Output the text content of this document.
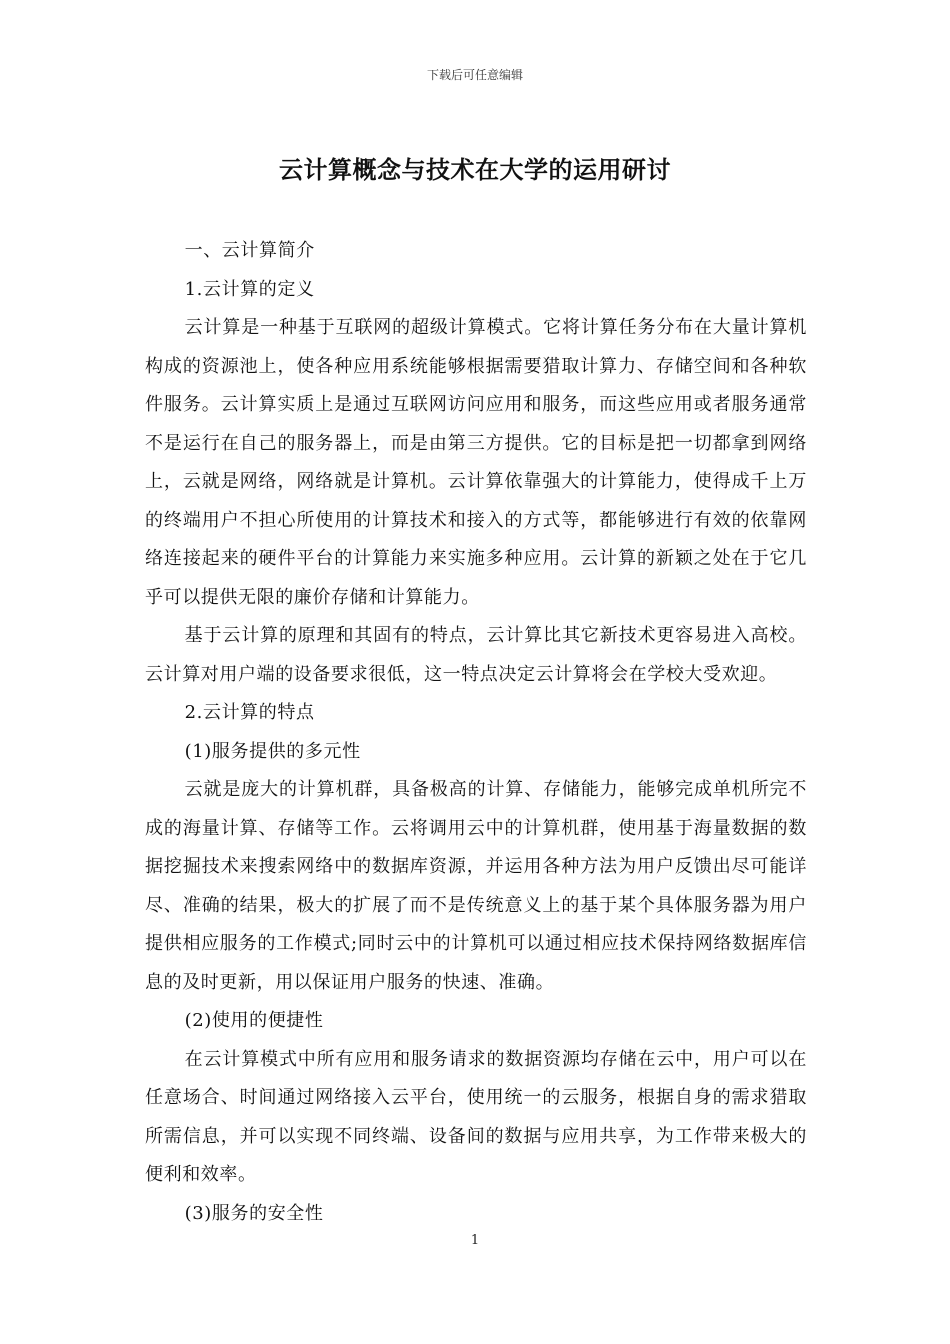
下载后可任意编辑
云计算概念与技术在大学的运用研讨

一、云计算简介

1.云计算的定义

云计算是一种基于互联网的超级计算模式。它将计算任务分布在大量计算机构成的资源池上，使各种应用系统能够根据需要猎取计算力、存储空间和各种软件服务。云计算实质上是通过互联网访问应用和服务，而这些应用或者服务通常不是运行在自己的服务器上，而是由第三方提供。它的目标是把一切都拿到网络上，云就是网络，网络就是计算机。云计算依靠强大的计算能力，使得成千上万的终端用户不担心所使用的计算技术和接入的方式等，都能够进行有效的依靠网络连接起来的硬件平台的计算能力来实施多种应用。云计算的新颖之处在于它几乎可以提供无限的廉价存储和计算能力。

基于云计算的原理和其固有的特点，云计算比其它新技术更容易进入高校。云计算对用户端的设备要求很低，这一特点决定云计算将会在学校大受欢迎。

2.云计算的特点

(1)服务提供的多元性

云就是庞大的计算机群，具备极高的计算、存储能力，能够完成单机所完不成的海量计算、存储等工作。云将调用云中的计算机群，使用基于海量数据的数据挖掘技术来搜索网络中的数据库资源，并运用各种方法为用户反馈出尽可能详尽、准确的结果，极大的扩展了而不是传统意义上的基于某个具体服务器为用户提供相应服务的工作模式;同时云中的计算机可以通过相应技术保持网络数据库信息的及时更新，用以保证用户服务的快速、准确。

(2)使用的便捷性

在云计算模式中所有应用和服务请求的数据资源均存储在云中，用户可以在任意场合、时间通过网络接入云平台，使用统一的云服务，根据自身的需求猎取所需信息，并可以实现不同终端、设备间的数据与应用共享，为工作带来极大的便利和效率。

(3)服务的安全性

1
